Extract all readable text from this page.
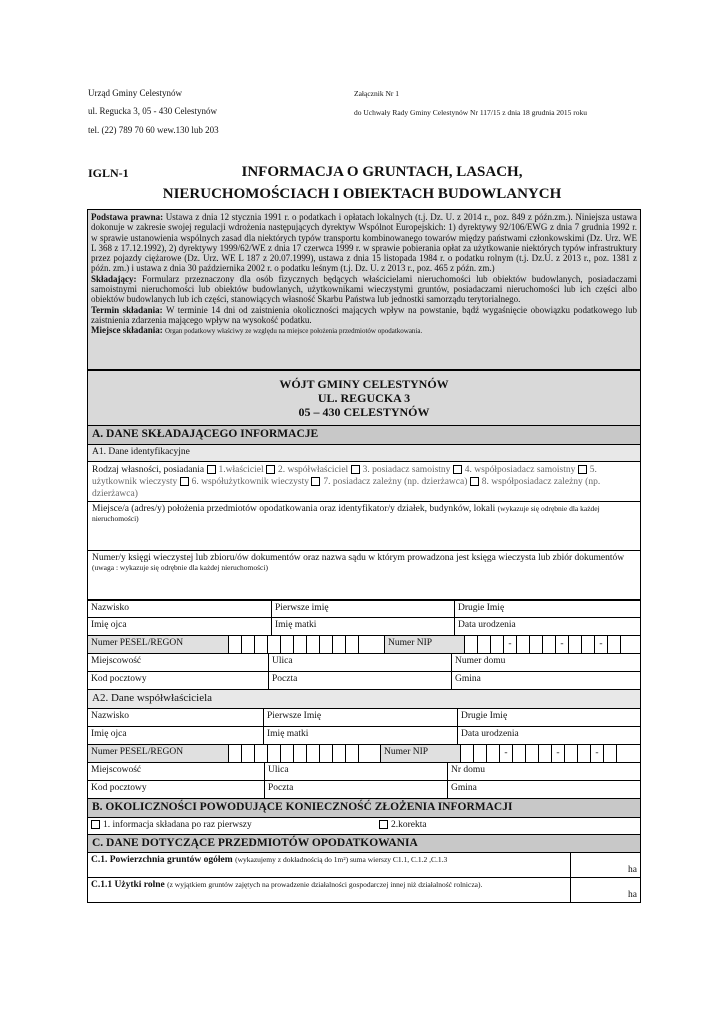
Urząd Gminy Celestynów
ul. Regucka 3, 05 - 430 Celestynów
tel. (22) 789 70 60 wew.130 lub 203
Załącznik Nr 1
do Uchwały Rady Gminy Celestynów Nr 117/15 z dnia 18 grudnia 2015 roku
IGLN-1	INFORMACJA O GRUNTACH, LASACH,
NIERUCHOMOŚCIACH I OBIEKTACH BUDOWLANYCH
Podstawa prawna: Ustawa z dnia 12 stycznia 1991 r. o podatkach i opłatach lokalnych (t.j. Dz. U. z 2014 r., poz. 849 z późn.zm.). Niniejsza ustawa dokonuje w zakresie swojej regulacji wdrożenia następujących dyrektyw Wspólnot Europejskich: 1) dyrektywy 92/106/EWG z dnia 7 grudnia 1992 r. w sprawie ustanowienia wspólnych zasad dla niektórych typów transportu kombinowanego towarów między państwami członkowskimi (Dz. Urz. WE L 368 z 17.12.1992), 2) dyrektywy 1999/62/WE z dnia 17 czerwca 1999 r. w sprawie pobierania opłat za użytkowanie niektórych typów infrastruktury przez pojazdy ciężarowe (Dz. Urz. WE L 187 z 20.07.1999), ustawa z dnia 15 listopada 1984 r. o podatku rolnym (t.j. Dz.U. z 2013 r., poz. 1381 z późn. zm.) i ustawa z dnia 30 października 2002 r. o podatku leśnym (t.j. Dz. U. z 2013 r., poz. 465 z późn. zm.)
Składający: Formularz przeznaczony dla osób fizycznych będących właścicielami nieruchomości lub obiektów budowlanych, posiadaczami samoistnymi nieruchomości lub obiektów budowlanych, użytkownikami wieczystymi gruntów, posiadaczami nieruchomości lub ich części albo obiektów budowlanych lub ich części, stanowiących własność Skarbu Państwa lub jednostki samorządu terytorialnego.
Termin składania: W terminie 14 dni od zaistnienia okoliczności mających wpływ na powstanie, bądź wygaśnięcie obowiązku podatkowego lub zaistnienia zdarzenia mającego wpływ na wysokość podatku.
Miejsce składania: Organ podatkowy właściwy ze względu na miejsce położenia przedmiotów opodatkowania.
WÓJT GMINY CELESTYNÓW
UL. REGUCKA 3
05 – 430 CELESTYNÓW
A. DANE SKŁADAJĄCEGO INFORMACJE
A1. Dane identyfikacyjne
Rodzaj własności, posiadania 1.właściciel 2. współwłaściciel 3. posiadacz samoistny 4. współposiadacz samoistny 5. użytkownik wieczysty 6. współużytkownik wieczysty 7. posiadacz zależny (np. dzierżawca) 8. współposiadacz zależny (np. dzierżawca)
Miejsce/a (adres/y) położenia przedmiotów opodatkowania oraz identyfikator/y działek, budynków, lokali (wykazuje się odrębnie dla każdej nieruchomości)
Numer/y księgi wieczystej lub zbioru/ów dokumentów oraz nazwa sądu w którym prowadzona jest księga wieczysta lub zbiór dokumentów
(uwaga : wykazuje się odrębnie dla każdej nieruchomości)
Nazwisko	Pierwsze imię	Drugie Imię
Imię ojca	Imię matki	Data urodzenia
Numer PESEL/REGON	Numer NIP	-	-	-
Miejscowość	Ulica	Numer domu
Kod pocztowy	Poczta	Gmina
A2. Dane współwłaściciela
Nazwisko	Pierwsze Imię	Drugie Imię
Imię ojca	Imię matki	Data urodzenia
Numer PESEL/REGON	Numer NIP	-	-	-
Miejscowość	Ulica	Nr domu
Kod pocztowy	Poczta	Gmina
B. OKOLICZNOŚCI POWODUJĄCE KONIECZNOŚĆ ZŁOŻENIA INFORMACJI
1. informacja składana po raz pierwszy	2.korekta
C. DANE DOTYCZĄCE PRZEDMIOTÓW OPODATKOWANIA
C.1. Powierzchnia gruntów ogółem (wykazujemy z dokładnością do 1m²) suma wierszy C1.1, C.1.2 ,C.1.3
ha
C.1.1 Użytki rolne (z wyjątkiem gruntów zajętych na prowadzenie działalności gospodarczej innej niż działalność rolnicza).
ha
